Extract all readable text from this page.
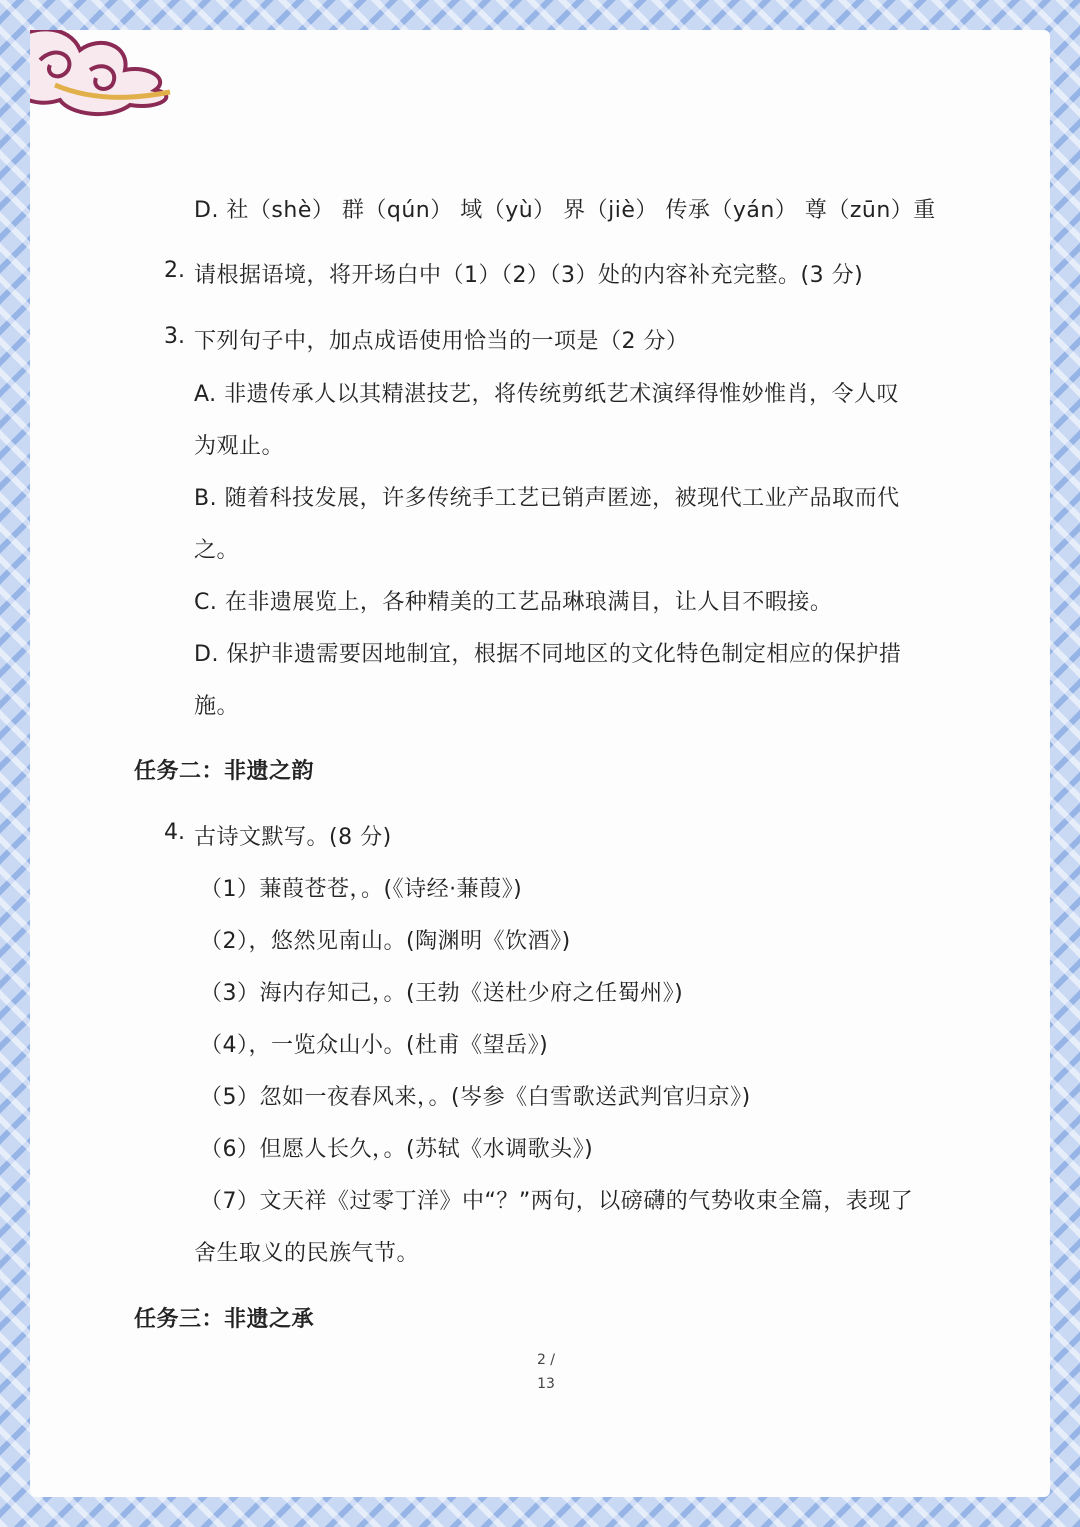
D. 社（shè） 群（qún） 域（yù） 界（jiè） 传承（yán） 尊（zūn）重
2. 请根据语境，将开场白中（1）（2）（3）处的内容补充完整。(3 分)
3. 下列句子中，加点成语使用恰当的一项是（2 分）
A. 非遗传承人以其精湛技艺，将传统剪纸艺术演绎得惟妙惟肖，令人叹
为观止。
B. 随着科技发展，许多传统手工艺已销声匿迹，被现代工业产品取而代
之。
C. 在非遗展览上，各种精美的工艺品琳琅满目，让人目不暇接。
D. 保护非遗需要因地制宜，根据不同地区的文化特色制定相应的保护措
施。
任务二：非遗之韵
4. 古诗文默写。(8 分)
（1）蒹葭苍苍，。(《诗经·蒹葭》)
（2），悠然见南山。(陶渊明《饮酒》)
（3）海内存知己，。(王勃《送杜少府之任蜀州》)
（4），一览众山小。(杜甫《望岳》)
（5）忽如一夜春风来，。(岑参《白雪歌送武判官归京》)
（6）但愿人长久，。(苏轼《水调歌头》)
（7）文天祥《过零丁洋》中“？”两句，以磅礴的气势收束全篇，表现了
舍生取义的民族气节。
任务三：非遗之承
2 /
13
